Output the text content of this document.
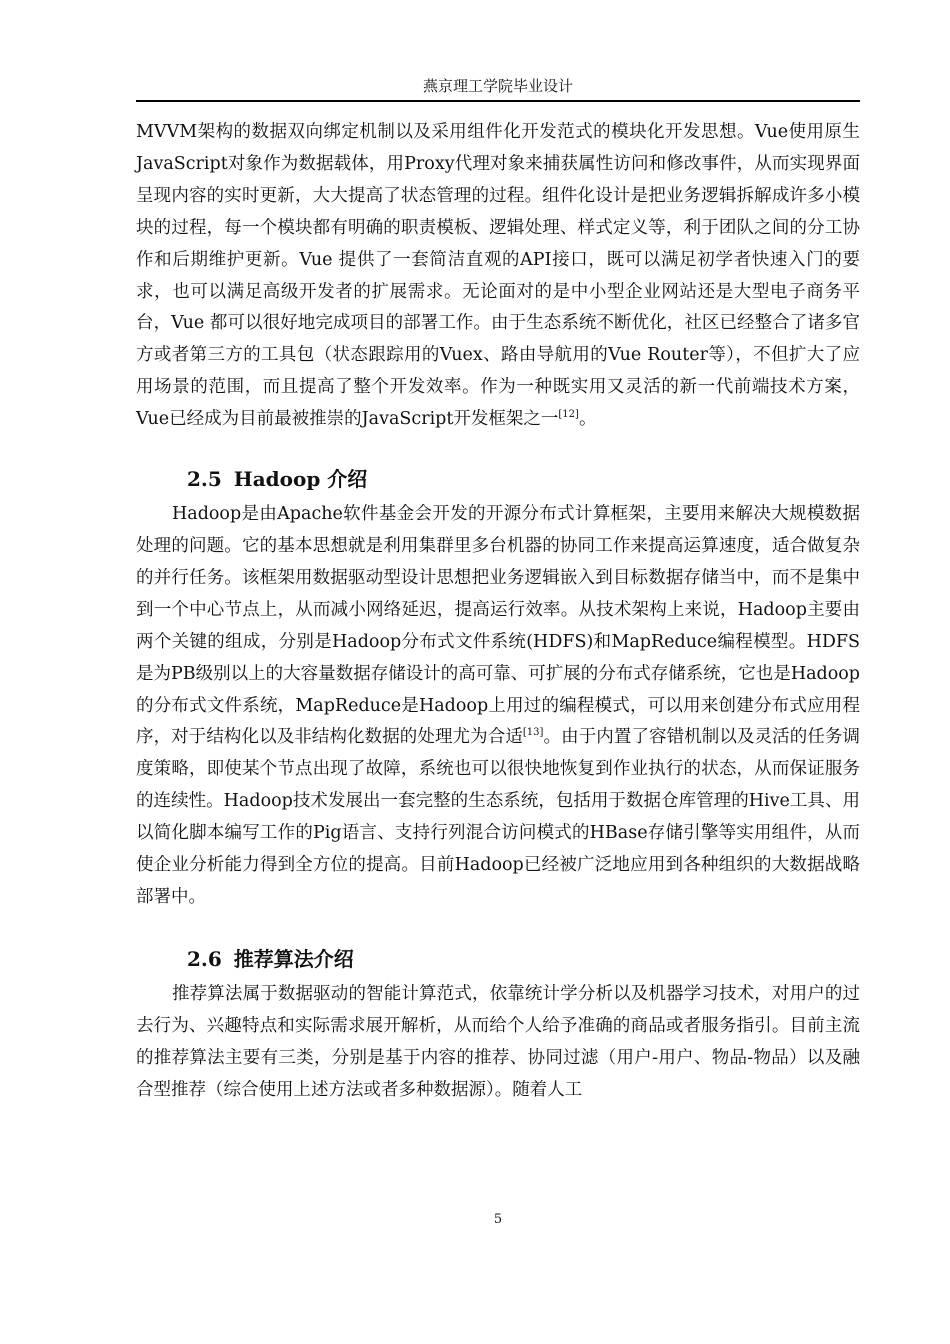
燕京理工学院毕业设计

MVVM架构的数据双向绑定机制以及采用组件化开发范式的模块化开发思想。Vue使用原生JavaScript对象作为数据载体，用Proxy代理对象来捕获属性访问和修改事件，从而实现界面呈现内容的实时更新，大大提高了状态管理的过程。组件化设计是把业务逻辑拆解成许多小模块的过程，每一个模块都有明确的职责模板、逻辑处理、样式定义等，利于团队之间的分工协作和后期维护更新。Vue 提供了一套简洁直观的API接口，既可以满足初学者快速入门的要求，也可以满足高级开发者的扩展需求。无论面对的是中小型企业网站还是大型电子商务平台，Vue 都可以很好地完成项目的部署工作。由于生态系统不断优化，社区已经整合了诸多官方或者第三方的工具包（状态跟踪用的Vuex、路由导航用的Vue Router等），不但扩大了应用场景的范围，而且提高了整个开发效率。作为一种既实用又灵活的新一代前端技术方案，Vue已经成为目前最被推崇的JavaScript开发框架之一[12]。

2.5 Hadoop 介绍

Hadoop是由Apache软件基金会开发的开源分布式计算框架，主要用来解决大规模数据处理的问题。它的基本思想就是利用集群里多台机器的协同工作来提高运算速度，适合做复杂的并行任务。该框架用数据驱动型设计思想把业务逻辑嵌入到目标数据存储当中，而不是集中到一个中心节点上，从而减小网络延迟，提高运行效率。从技术架构上来说，Hadoop主要由两个关键的组成，分别是Hadoop分布式文件系统(HDFS)和MapReduce编程模型。HDFS是为PB级别以上的大容量数据存储设计的高可靠、可扩展的分布式存储系统，它也是Hadoop的分布式文件系统，MapReduce是Hadoop上用过的编程模式，可以用来创建分布式应用程序，对于结构化以及非结构化数据的处理尤为合适[13]。由于内置了容错机制以及灵活的任务调度策略，即使某个节点出现了故障，系统也可以很快地恢复到作业执行的状态，从而保证服务的连续性。Hadoop技术发展出一套完整的生态系统，包括用于数据仓库管理的Hive工具、用以简化脚本编写工作的Pig语言、支持行列混合访问模式的HBase存储引擎等实用组件，从而使企业分析能力得到全方位的提高。目前Hadoop已经被广泛地应用到各种组织的大数据战略部署中。

2.6 推荐算法介绍

推荐算法属于数据驱动的智能计算范式，依靠统计学分析以及机器学习技术，对用户的过去行为、兴趣特点和实际需求展开解析，从而给个人给予准确的商品或者服务指引。目前主流的推荐算法主要有三类，分别是基于内容的推荐、协同过滤（用户-用户、物品-物品）以及融合型推荐（综合使用上述方法或者多种数据源）。随着人工

5
